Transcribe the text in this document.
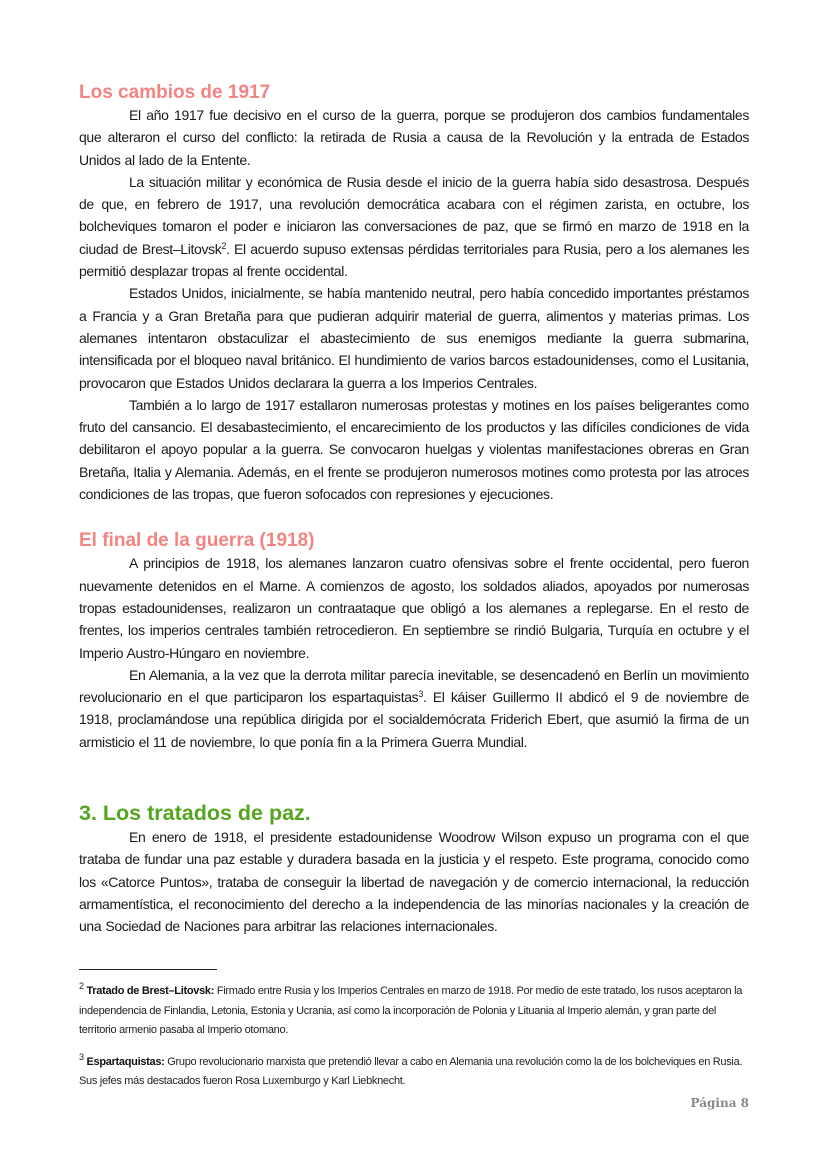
Los cambios de 1917

El año 1917 fue decisivo en el curso de la guerra, porque se produjeron dos cambios fundamentales que alteraron el curso del conflicto: la retirada de Rusia a causa de la Revolución y la entrada de Estados Unidos al lado de la Entente.

La situación militar y económica de Rusia desde el inicio de la guerra había sido desastrosa. Después de que, en febrero de 1917, una revolución democrática acabara con el régimen zarista, en octubre, los bolcheviques tomaron el poder e iniciaron las conversaciones de paz, que se firmó en marzo de 1918 en la ciudad de Brest–Litovsk$^2$. El acuerdo supuso extensas pérdidas territoriales para Rusia, pero a los alemanes les permitió desplazar tropas al frente occidental.

Estados Unidos, inicialmente, se había mantenido neutral, pero había concedido importantes préstamos a Francia y a Gran Bretaña para que pudieran adquirir material de guerra, alimentos y materias primas. Los alemanes intentaron obstaculizar el abastecimiento de sus enemigos mediante la guerra submarina, intensificada por el bloqueo naval británico. El hundimiento de varios barcos estadounidenses, como el Lusitania, provocaron que Estados Unidos declarara la guerra a los Imperios Centrales.

También a lo largo de 1917 estallaron numerosas protestas y motines en los países beligerantes como fruto del cansancio. El desabastecimiento, el encarecimiento de los productos y las difíciles condiciones de vida debilitaron el apoyo popular a la guerra. Se convocaron huelgas y violentas manifestaciones obreras en Gran Bretaña, Italia y Alemania. Además, en el frente se produjeron numerosos motines como protesta por las atroces condiciones de las tropas, que fueron sofocados con represiones y ejecuciones.

El final de la guerra (1918)

A principios de 1918, los alemanes lanzaron cuatro ofensivas sobre el frente occidental, pero fueron nuevamente detenidos en el Marne. A comienzos de agosto, los soldados aliados, apoyados por numerosas tropas estadounidenses, realizaron un contraataque que obligó a los alemanes a replegarse. En el resto de frentes, los imperios centrales también retrocedieron. En septiembre se rindió Bulgaria, Turquía en octubre y el Imperio Austro-Húngaro en noviembre.

En Alemania, a la vez que la derrota militar parecía inevitable, se desencadenó en Berlín un movimiento revolucionario en el que participaron los espartaquistas$^3$. El káiser Guillermo II abdicó el 9 de noviembre de 1918, proclamándose una república dirigida por el socialdemócrata Friderich Ebert, que asumió la firma de un armisticio el 11 de noviembre, lo que ponía fin a la Primera Guerra Mundial.

3. Los tratados de paz.

En enero de 1918, el presidente estadounidense Woodrow Wilson expuso un programa con el que trataba de fundar una paz estable y duradera basada en la justicia y el respeto. Este programa, conocido como los «Catorce Puntos», trataba de conseguir la libertad de navegación y de comercio internacional, la reducción armamentística, el reconocimiento del derecho a la independencia de las minorías nacionales y la creación de una Sociedad de Naciones para arbitrar las relaciones internacionales.

$^2$ Tratado de Brest–Litovsk: Firmado entre Rusia y los Imperios Centrales en marzo de 1918. Por medio de este tratado, los rusos aceptaron la independencia de Finlandia, Letonia, Estonia y Ucrania, así como la incorporación de Polonia y Lituania al Imperio alemán, y gran parte del territorio armenio pasaba al Imperio otomano.

$^3$ Espartaquistas: Grupo revolucionario marxista que pretendió llevar a cabo en Alemania una revolución como la de los bolcheviques en Rusia. Sus jefes más destacados fueron Rosa Luxemburgo y Karl Liebknecht.

Página 8
